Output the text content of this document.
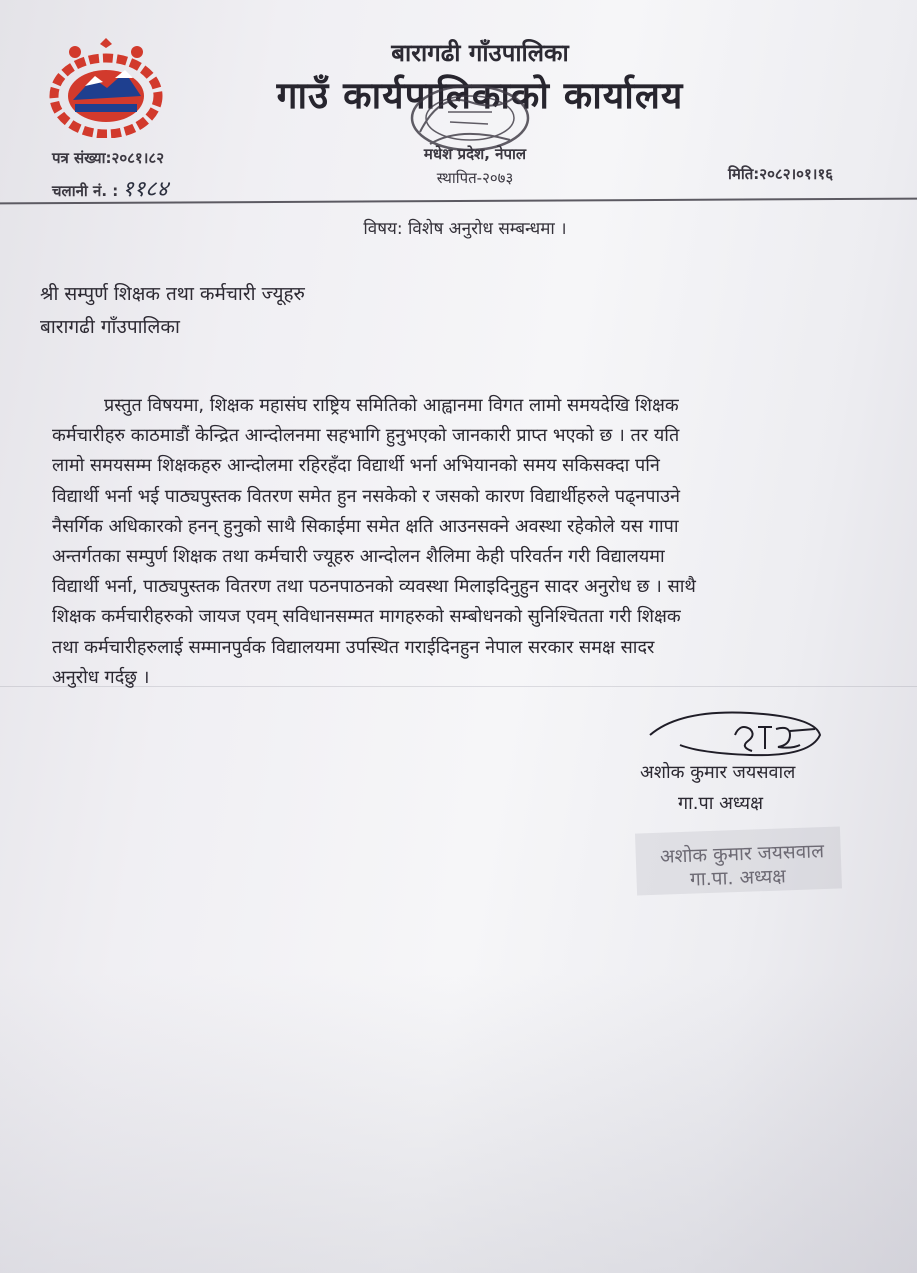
बारागढी गाँउपालिका
गाउँ कार्यपालिकाको कार्यालय
मधेश प्रदेश, नेपाल
स्थापित-२०७३
पत्र संख्या:२०८१।८२
चलानी नं. : ११८४
मिति:२०८२।०१।१६
विषय: विशेष अनुरोध सम्बन्धमा ।
श्री सम्पुर्ण शिक्षक तथा कर्मचारी ज्यूहरु
बारागढी गाँउपालिका
प्रस्तुत विषयमा, शिक्षक महासंघ राष्ट्रिय समितिको आह्वानमा विगत लामो समयदेखि शिक्षक
कर्मचारीहरु काठमाडौं केन्द्रित आन्दोलनमा सहभागि हुनुभएको जानकारी प्राप्त भएको छ । तर यति
लामो समयसम्म शिक्षकहरु आन्दोलमा रहिरहँदा विद्यार्थी भर्ना अभियानको समय सकिसक्दा पनि
विद्यार्थी भर्ना भई पाठ्यपुस्तक वितरण समेत हुन नसकेको र जसको कारण विद्यार्थीहरुले पढ्नपाउने
नैसर्गिक अधिकारको हनन् हुनुको साथै सिकाईमा समेत क्षति आउनसक्ने अवस्था रहेकोले यस गापा
अन्तर्गतका सम्पुर्ण शिक्षक तथा कर्मचारी ज्यूहरु आन्दोलन शैलिमा केही परिवर्तन गरी विद्यालयमा
विद्यार्थी भर्ना, पाठ्यपुस्तक वितरण तथा पठनपाठनको व्यवस्था मिलाइदिनुहुन सादर अनुरोध छ । साथै
शिक्षक कर्मचारीहरुको जायज एवम् सविधानसम्मत मागहरुको सम्बोधनको सुनिश्चितता गरी शिक्षक
तथा कर्मचारीहरुलाई सम्मानपुर्वक विद्यालयमा उपस्थित गराईदिनहुन नेपाल सरकार समक्ष सादर
अनुरोध गर्दछु ।
अशोक कुमार जयसवाल
गा.पा अध्यक्ष
अशोक कुमार जयसवाल
गा.पा. अध्यक्ष
